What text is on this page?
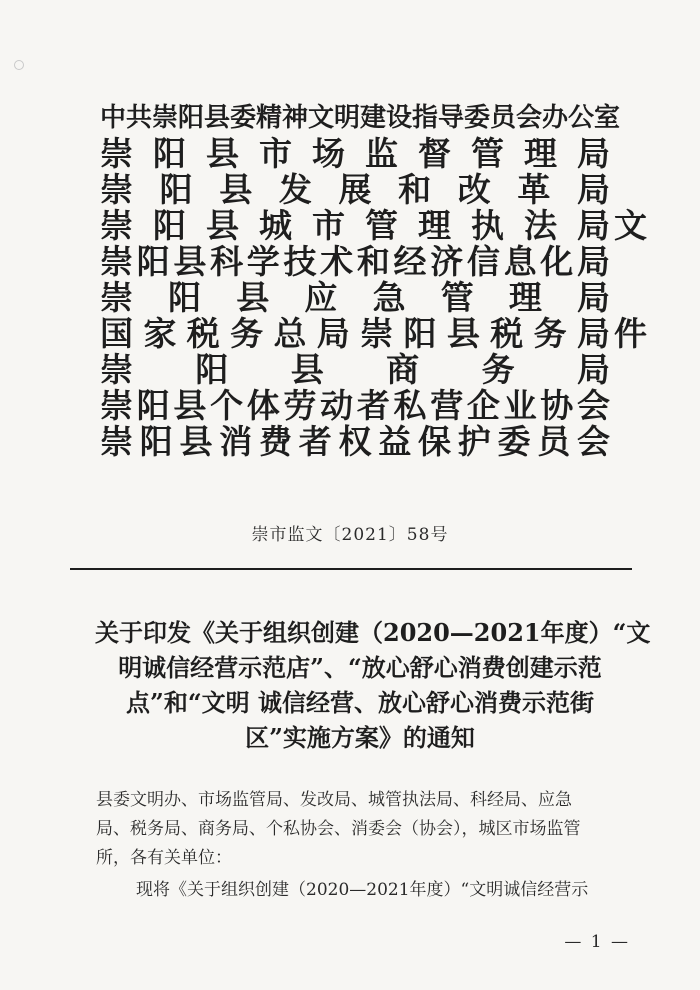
中共崇阳县委精神文明建设指导委员会办公室
崇 阳 县 市 场 监 督 管 理 局
崇 阳 县 发 展 和 改 革 局
崇 阳 县 城 市 管 理 执 法 局
崇 阳 县 科 学 技 术 和 经 济 信 息 化 局
崇 阳 县 应 急 管 理 局
国 家 税 务 总 局 崇 阳 县 税 务 局
崇 阳 县 商 务 局
崇 阳 县 个 体 劳 动 者 私 营 企 业 协 会
崇 阳 县 消 费 者 权 益 保 护 委 员 会
文
件
崇市监文〔2021〕58号
关于印发《关于组织创建（2020—2021年度）“文
明诚信经营示范店”、“放心舒心消费创建示范
点”和“文明 诚信经营、放心舒心消费示范街
区”实施方案》的通知
县委文明办、市场监管局、发改局、城管执法局、科经局、应急
局、税务局、商务局、个私协会、消委会（协会），城区市场监管
所，各有关单位：
现将《关于组织创建（2020—2021年度）“文明诚信经营示
— 1 —
